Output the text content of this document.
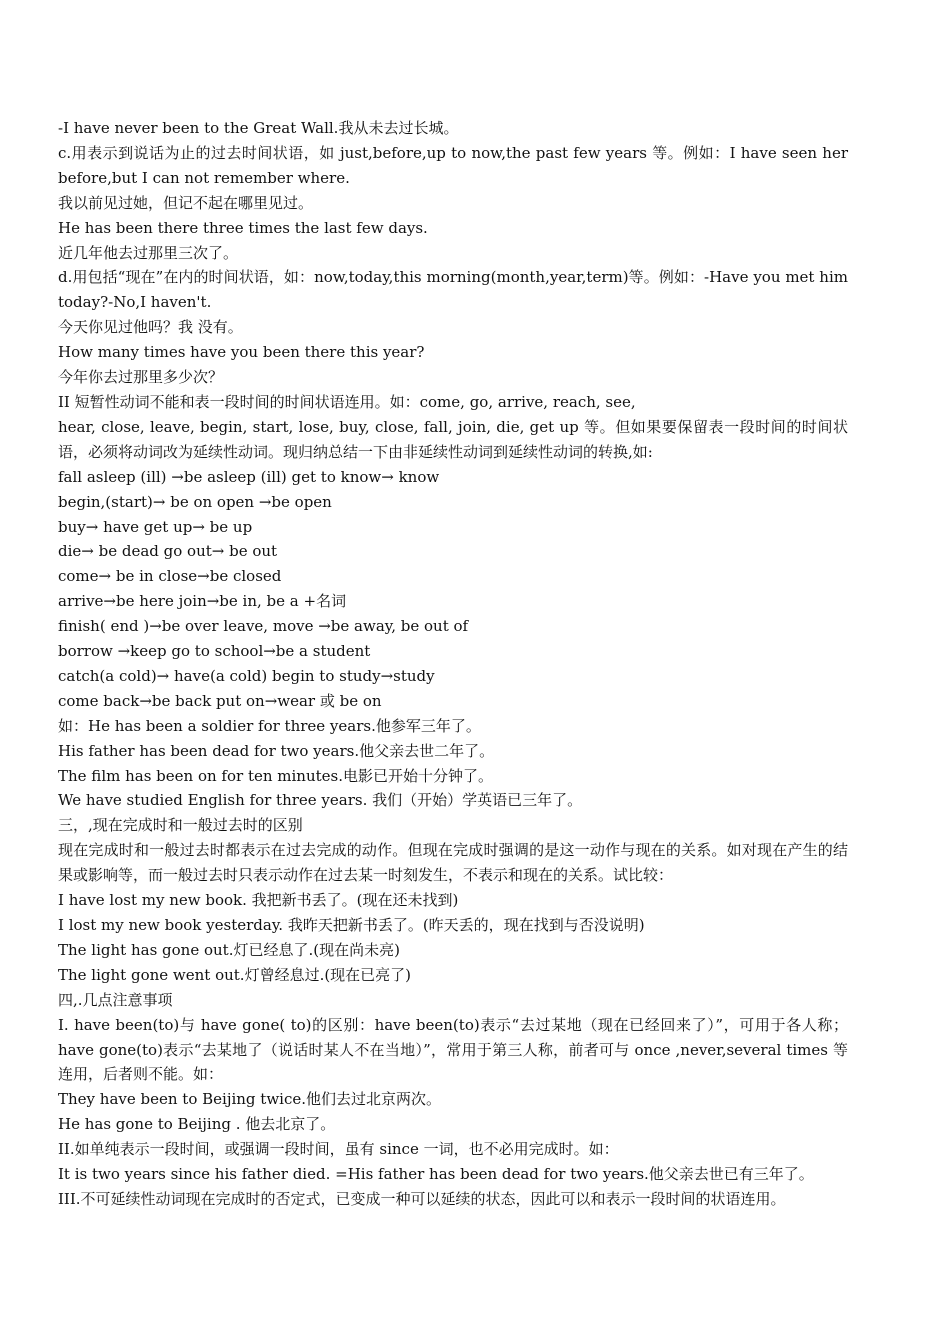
-I have never been to the Great Wall.我从未去过长城。
c.用表示到说话为止的过去时间状语，如 just,before,up to now,the past few years 等。例如：I have seen her before,but I can not remember where.
我以前见过她，但记不起在哪里见过。
He has been there three times the last few days.
近几年他去过那里三次了。
d.用包括“现在”在内的时间状语，如：now,today,this morning(month,year,term)等。例如：-Have you met him today?-No,I haven't.
今天你见过他吗？我 没有。
How many times have you been there this year?
今年你去过那里多少次？
II 短暂性动词不能和表一段时间的时间状语连用。如：come, go, arrive, reach, see,
hear, close, leave, begin, start, lose, buy, close, fall, join, die, get up 等。但如果要保留表一段时间的时间状语，必须将动词改为延续性动词。现归纳总结一下由非延续性动词到延续性动词的转换,如:
fall asleep (ill) →be asleep (ill) get to know→ know
begin,(start)→ be on open →be open
buy→ have get up→ be up
die→ be dead go out→ be out
come→ be in close→be closed
arrive→be here join→be in, be a +名词
finish( end )→be over leave, move →be away, be out of
borrow →keep go to school→be a student
catch(a cold)→ have(a cold) begin to study→study
come back→be back put on→wear 或 be on
如：He has been a soldier for three years.他参军三年了。
His father has been dead for two years.他父亲去世二年了。
The film has been on for ten minutes.电影已开始十分钟了。
We have studied English for three years. 我们（开始）学英语已三年了。
三，,现在完成时和一般过去时的区别
现在完成时和一般过去时都表示在过去完成的动作。但现在完成时强调的是这一动作与现在的关系。如对现在产生的结果或影响等，而一般过去时只表示动作在过去某一时刻发生，不表示和现在的关系。试比较：
I have lost my new book. 我把新书丢了。(现在还未找到)
I lost my new book yesterday. 我昨天把新书丢了。(昨天丢的，现在找到与否没说明)
The light has gone out.灯已经息了.(现在尚未亮)
The light gone went out.灯曾经息过.(现在已亮了)
四,.几点注意事项
I. have been(to)与 have gone( to)的区别：have been(to)表示“去过某地（现在已经回来了）”，可用于各人称；have gone(to)表示“去某地了（说话时某人不在当地）”，常用于第三人称，前者可与 once ,never,several times 等连用，后者则不能。如：
They have been to Beijing twice.他们去过北京两次。
He has gone to Beijing . 他去北京了。
II.如单纯表示一段时间，或强调一段时间，虽有 since 一词，也不必用完成时。如：
It is two years since his father died. =His father has been dead for two years.他父亲去世已有三年了。
III.不可延续性动词现在完成时的否定式，已变成一种可以延续的状态，因此可以和表示一段时间的状语连用。
